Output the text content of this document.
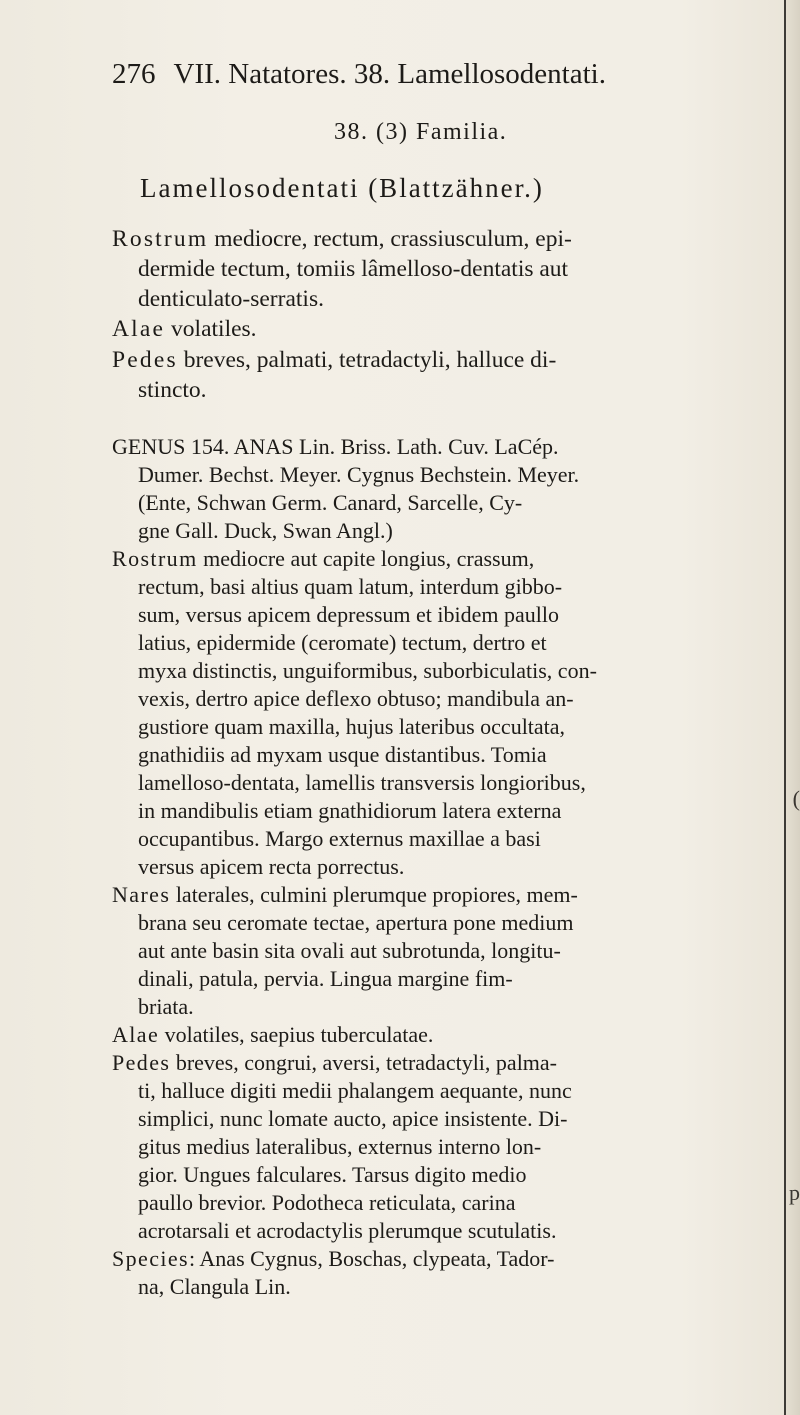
(
p
276 VII. Natatores. 38. Lamellosodentati.
38. (3) Familia.
Lamellosodentati (Blattzähner.)
Rostrum mediocre, rectum, crassiusculum, epi-
dermide tectum, tomiis lâmelloso-dentatis aut
denticulato-serratis.
Alae volatiles.
Pedes breves, palmati, tetradactyli, halluce di-
stincto.
GENUS 154. ANAS Lin. Briss. Lath. Cuv. LaCép.
Dumer. Bechst. Meyer. Cygnus Bechstein. Meyer.
(Ente, Schwan Germ. Canard, Sarcelle, Cy-
gne Gall. Duck, Swan Angl.)
Rostrum mediocre aut capite longius, crassum,
rectum, basi altius quam latum, interdum gibbo-
sum, versus apicem depressum et ibidem paullo
latius, epidermide (ceromate) tectum, dertro et
myxa distinctis, unguiformibus, suborbiculatis, con-
vexis, dertro apice deflexo obtuso; mandibula an-
gustiore quam maxilla, hujus lateribus occultata,
gnathidiis ad myxam usque distantibus. Tomia
lamelloso-dentata, lamellis transversis longioribus,
in mandibulis etiam gnathidiorum latera externa
occupantibus. Margo externus maxillae a basi
versus apicem recta porrectus.
Nares laterales, culmini plerumque propiores, mem-
brana seu ceromate tectae, apertura pone medium
aut ante basin sita ovali aut subrotunda, longitu-
dinali, patula, pervia. Lingua margine fim-
briata.
Alae volatiles, saepius tuberculatae.
Pedes breves, congrui, aversi, tetradactyli, palma-
ti, halluce digiti medii phalangem aequante, nunc
simplici, nunc lomate aucto, apice insistente. Di-
gitus medius lateralibus, externus interno lon-
gior. Ungues falculares. Tarsus digito medio
paullo brevior. Podotheca reticulata, carina
acrotarsali et acrodactylis plerumque scutulatis.
Species: Anas Cygnus, Boschas, clypeata, Tador-
na, Clangula Lin.
